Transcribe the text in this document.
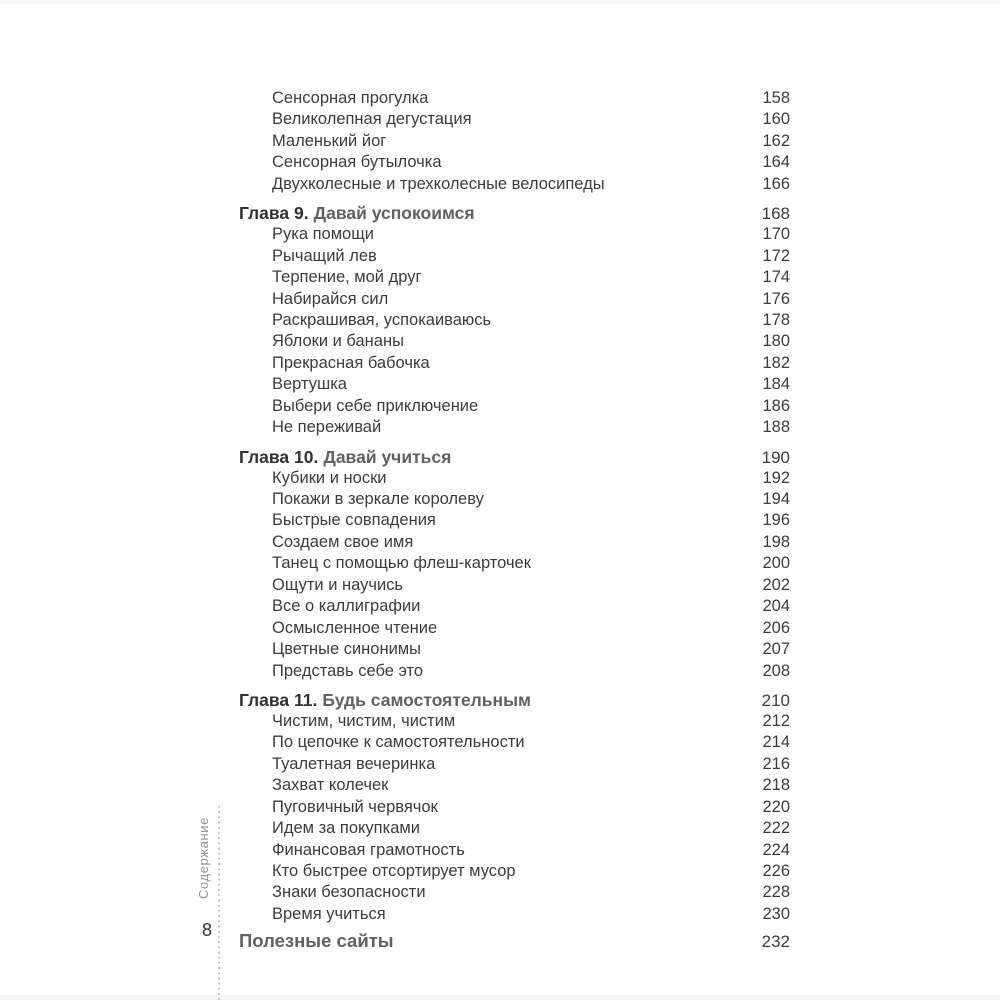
Содержание
8
Сенсорная прогулка	158
Великолепная дегустация	160
Маленький йог	162
Сенсорная бутылочка	164
Двухколесные и трехколесные велосипеды	166
Глава 9. Давай успокоимся	168
Рука помощи	170
Рычащий лев	172
Терпение, мой друг	174
Набирайся сил	176
Раскрашивая, успокаиваюсь	178
Яблоки и бананы	180
Прекрасная бабочка	182
Вертушка	184
Выбери себе приключение	186
Не переживай	188
Глава 10. Давай учиться	190
Кубики и носки	192
Покажи в зеркале королеву	194
Быстрые совпадения	196
Создаем свое имя	198
Танец с помощью флеш-карточек	200
Ощути и научись	202
Все о каллиграфии	204
Осмысленное чтение	206
Цветные синонимы	207
Представь себе это	208
Глава 11. Будь самостоятельным	210
Чистим, чистим, чистим	212
По цепочке к самостоятельности	214
Туалетная вечеринка	216
Захват колечек	218
Пуговичный червячок	220
Идем за покупками	222
Финансовая грамотность	224
Кто быстрее отсортирует мусор	226
Знаки безопасности	228
Время учиться	230
Полезные сайты	232
